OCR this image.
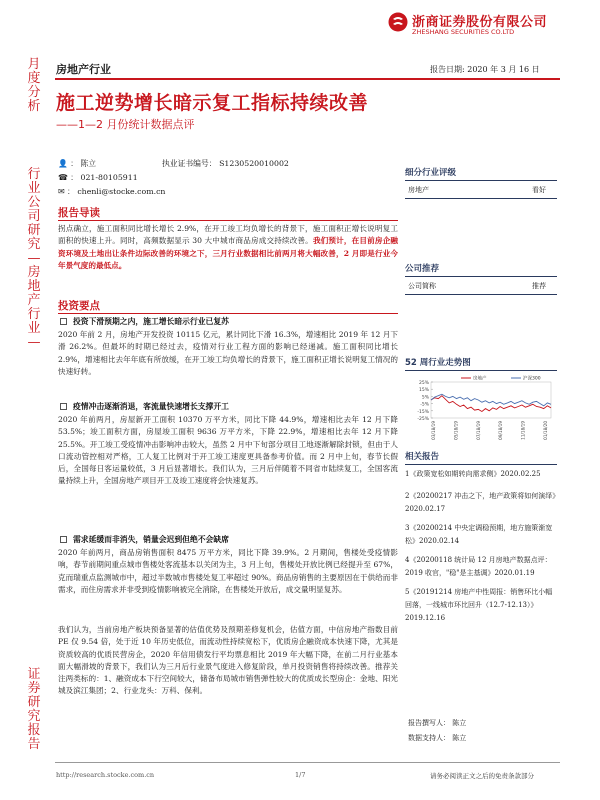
浙商证券股份有限公司
ZHESHANG SECURITIES CO.LTD
房地产行业	报告日期: 2020 年 3 月 16 日
月度分析
行业公司研究—房地产行业—
证券研究报告
施工逆势增长暗示复工指标持续改善
——1—2 月份统计数据点评
👤 ： 陈立	执业证书编号： S1230520010002
☎ ： 021-80105911
✉ ： chenli@stocke.com.cn
报告导读
拐点确立，施工面积同比增长增长 2.9%，在开工竣工均负增长的背景下，施工面积正增长说明复工面积的快速上升。同时，高频数据显示 30 大中城市商品房成交持续改善。我们预计，在目前房企融资环境及土地出让条件边际改善的环境之下，三月行业数据相比前两月将大幅改善，2 月即是行业今年景气度的最低点。
投资要点
投资下滑预期之内，施工增长暗示行业已复苏
2020 年前 2 月，房地产开发投资 10115 亿元，累计同比下滑 16.3%，增速相比 2019 年 12 月下滑 26.2%。但最坏的时期已经过去，疫情对行业工程方面的影响已经递减。施工面积同比增长 2.9%，增速相比去年年底有所放缓，在开工竣工均负增长的背景下，施工面积正增长说明复工情况的快速好转。
疫情冲击逐渐消退，客流量快速增长支撑开工
2020 年前两月，房屋新开工面积 10370 万平方米，同比下降 44.9%，增速相比去年 12 月下降 53.5%；竣工面积方面，房屋竣工面积 9636 万平方米，下降 22.9%，增速相比去年 12 月下降 25.5%。开工竣工受疫情冲击影响冲击较大，虽然 2 月中下旬部分项目工地逐渐解除封锁，但由于人口流动管控相对严格，工人复工比例对于开工竣工速度更具备参考价值。而 2 月中上旬，春节长假后，全国每日客运量较低，3 月后显著增长。我们认为，三月后伴随着不同省市陆续复工，全国客流量持续上升，全国房地产项目开工及竣工速度将会快速复苏。
需求延缓而非消失，销量会迟到但绝不会缺席
2020 年前两月，商品房销售面积 8475 万平方米，同比下降 39.9%。2 月期间，售楼处受疫情影响，春节前期间重点城市售楼处客流基本以关闭为主，3 月上旬，售楼处开放比例已经提升至 67%，克而瑞重点监测城市中，超过半数城市售楼处复工率超过 90%。商品房销售的主要原因在于供给而非需求，而住房需求并非受到疫情影响被完全消除，在售楼处开放后，成交量明显复苏。
我们认为，当前房地产板块预备显著的估值优势及预期差修复机会，估值方面，中信房地产指数目前 PE 仅 9.54 倍，处于近 10 年历史低位，而流动性持续宽松下，优质房企融资成本快速下降，尤其是资质较高的优质民营房企，2020 年信用债发行平均票息相比 2019 年大幅下降，在前二月行业基本面大幅滑坡的背景下，我们认为三月后行业景气度进入修复阶段，单月投资销售将持续改善。推荐关注两类标的：1、融资成本下行空间较大，储备布局城市销售弹性较大的优质成长型房企：金地、阳光城及滨江集团；2、行业龙头：万科、保利。
细分行业评级
房地产	看好
公司推荐
公司简称	推荐
52 周行业走势图
25%
15%
5%
-5%
-15%
-25%
03/18/19	05/18/19	07/18/19	09/18/19	11/18/19	01/18/20
房地产	沪深300
相关报告
1《政策宽松如期转向需求侧》2020.02.25
2《20200217 冲击之下，地产政策将如何演绎》2020.02.17
3《20200214 中央定调稳预期，地方施策渐宽松》2020.02.14
4《20200118 统计局 12 月房地产数据点评：2019 收官，"稳"是主基调》2020.01.19
5《20191214 房地产中性周报：销售环比小幅回落，一线城市环比回升（12.7-12.13）》2019.12.16
报告撰写人： 陈立
数据支持人： 陈立
http://research.stocke.com.cn	1/7	请务必阅读正文之后的免责条款部分
